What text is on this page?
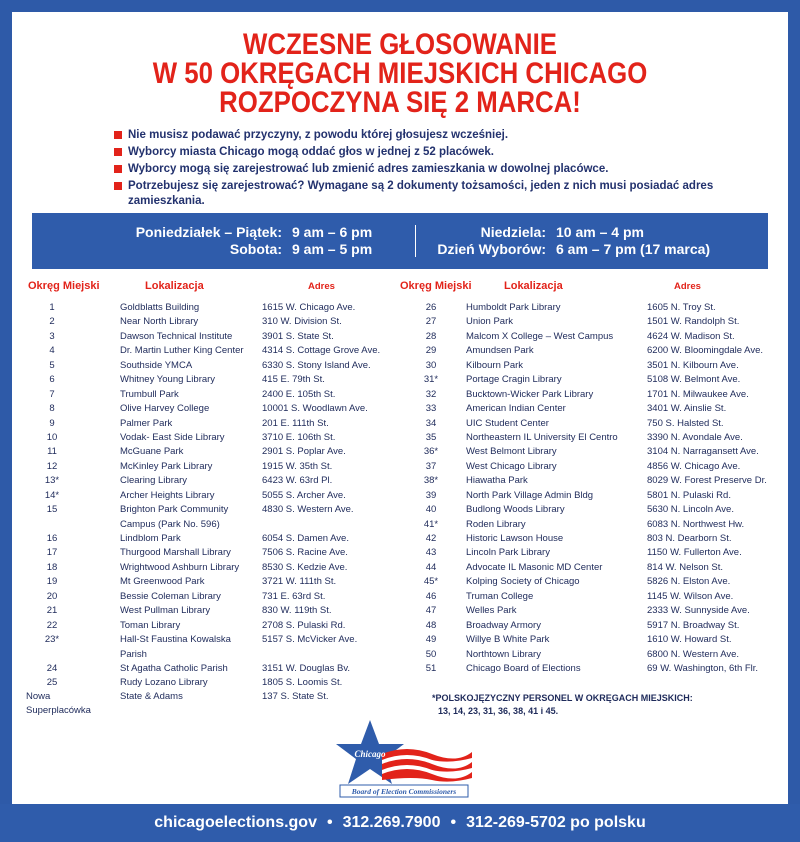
WCZESNE GŁOSOWANIE
W 50 OKRĘGACH MIEJSKICH CHICAGO
ROZPOCZYNA SIĘ 2 MARCA!
Nie musisz podawać przyczyny, z powodu której głosujesz wcześniej.
Wyborcy miasta Chicago mogą oddać głos w jednej z 52 placówek.
Wyborcy mogą się zarejestrować lub zmienić adres zamieszkania w dowolnej placówce.
Potrzebujesz się zarejestrować? Wymagane są 2 dokumenty tożsamości, jeden z nich musi posiadać adres zamieszkania.
Poniedziałek – Piątek: 9 am – 6 pm
Sobota: 9 am – 5 pm
Niedziela: 10 am – 4 pm
Dzień Wyborów: 6 am – 7 pm (17 marca)
Okręg Miejski	Lokalizacja	Adres	Okręg Miejski	Lokalizacja	Adres
1	Goldblatts Building	1615 W. Chicago Ave.
2	Near North Library	310 W. Division St.
3	Dawson Technical Institute	3901 S. State St.
4	Dr. Martin Luther King Center 4314 S. Cottage Grove Ave.
5	Southside YMCA	6330 S. Stony Island Ave.
6	Whitney Young Library	415 E. 79th St.
7	Trumbull Park	2400 E. 105th St.
8	Olive Harvey College	10001 S. Woodlawn Ave.
9	Palmer Park	201 E. 111th St.
10	Vodak- East Side Library	3710 E. 106th St.
11	McGuane Park	2901 S. Poplar Ave.
12	McKinley Park Library	1915 W. 35th St.
13*	Clearing Library	6423 W. 63rd Pl.
14*	Archer Heights Library	5055 S. Archer Ave.
15	Brighton Park Community	4830 S. Western Ave.
Campus (Park No. 596)
16	Lindblom Park	6054 S. Damen Ave.
17	Thurgood Marshall Library	7506 S. Racine Ave.
18	Wrightwood Ashburn Library 8530 S. Kedzie Ave.
19	Mt Greenwood Park	3721 W. 111th St.
20	Bessie Coleman Library	731 E. 63rd St.
21	West Pullman Library	830 W. 119th St.
22	Toman Library	2708 S. Pulaski Rd.
23*	Hall-St Faustina Kowalska	5157 S. McVicker Ave.
Parish
24	St Agatha Catholic Parish	3151 W. Douglas Bv.
25	Rudy Lozano Library	1805 S. Loomis St.
26	Humboldt Park Library	1605 N. Troy St.
27	Union Park	1501 W. Randolph St.
28	Malcom X College – West Campus	4624 W. Madison St.
29	Amundsen Park	6200 W. Bloomingdale Ave.
30	Kilbourn Park	3501 N. Kilbourn Ave.
31*	Portage Cragin Library	5108 W. Belmont Ave.
32	Bucktown-Wicker Park Library	1701 N. Milwaukee Ave.
33	American Indian Center	3401 W. Ainslie St.
34	UIC Student Center	750 S. Halsted St.
35	Northeastern IL University El Centro	3390 N. Avondale Ave.
36*	West Belmont Library	3104 N. Narragansett Ave.
37	West Chicago Library	4856 W. Chicago Ave.
38*	Hiawatha Park	8029 W. Forest Preserve Dr.
39	North Park Village Admin Bldg	5801 N. Pulaski Rd.
40	Budlong Woods Library	5630 N. Lincoln Ave.
41*	Roden Library	6083 N. Northwest Hw.
42	Historic Lawson House	803 N. Dearborn St.
43	Lincoln Park Library	1150 W. Fullerton Ave.
44	Advocate IL Masonic MD Center	814 W. Nelson St.
45*	Kolping Society of Chicago	5826 N. Elston Ave.
46	Truman College	1145 W. Wilson Ave.
47	Welles Park	2333 W. Sunnyside Ave.
48	Broadway Armory	5917 N. Broadway St.
49	Willye B White Park	1610 W. Howard St.
50	Northtown Library	6800 N. Western Ave.
51	Chicago Board of Elections	69 W. Washington, 6th Flr.
Nowa	State & Adams	137 S. State St.
Superplacówka
*POLSKOJĘZYCZNY PERSONEL W OKRĘGACH MIEJSKICH:
13, 14, 23, 31, 36, 38, 41 i 45.
Chicago
Board of Election Commissioners
chicagoelections.gov • 312.269.7900 • 312-269-5702 po polsku
